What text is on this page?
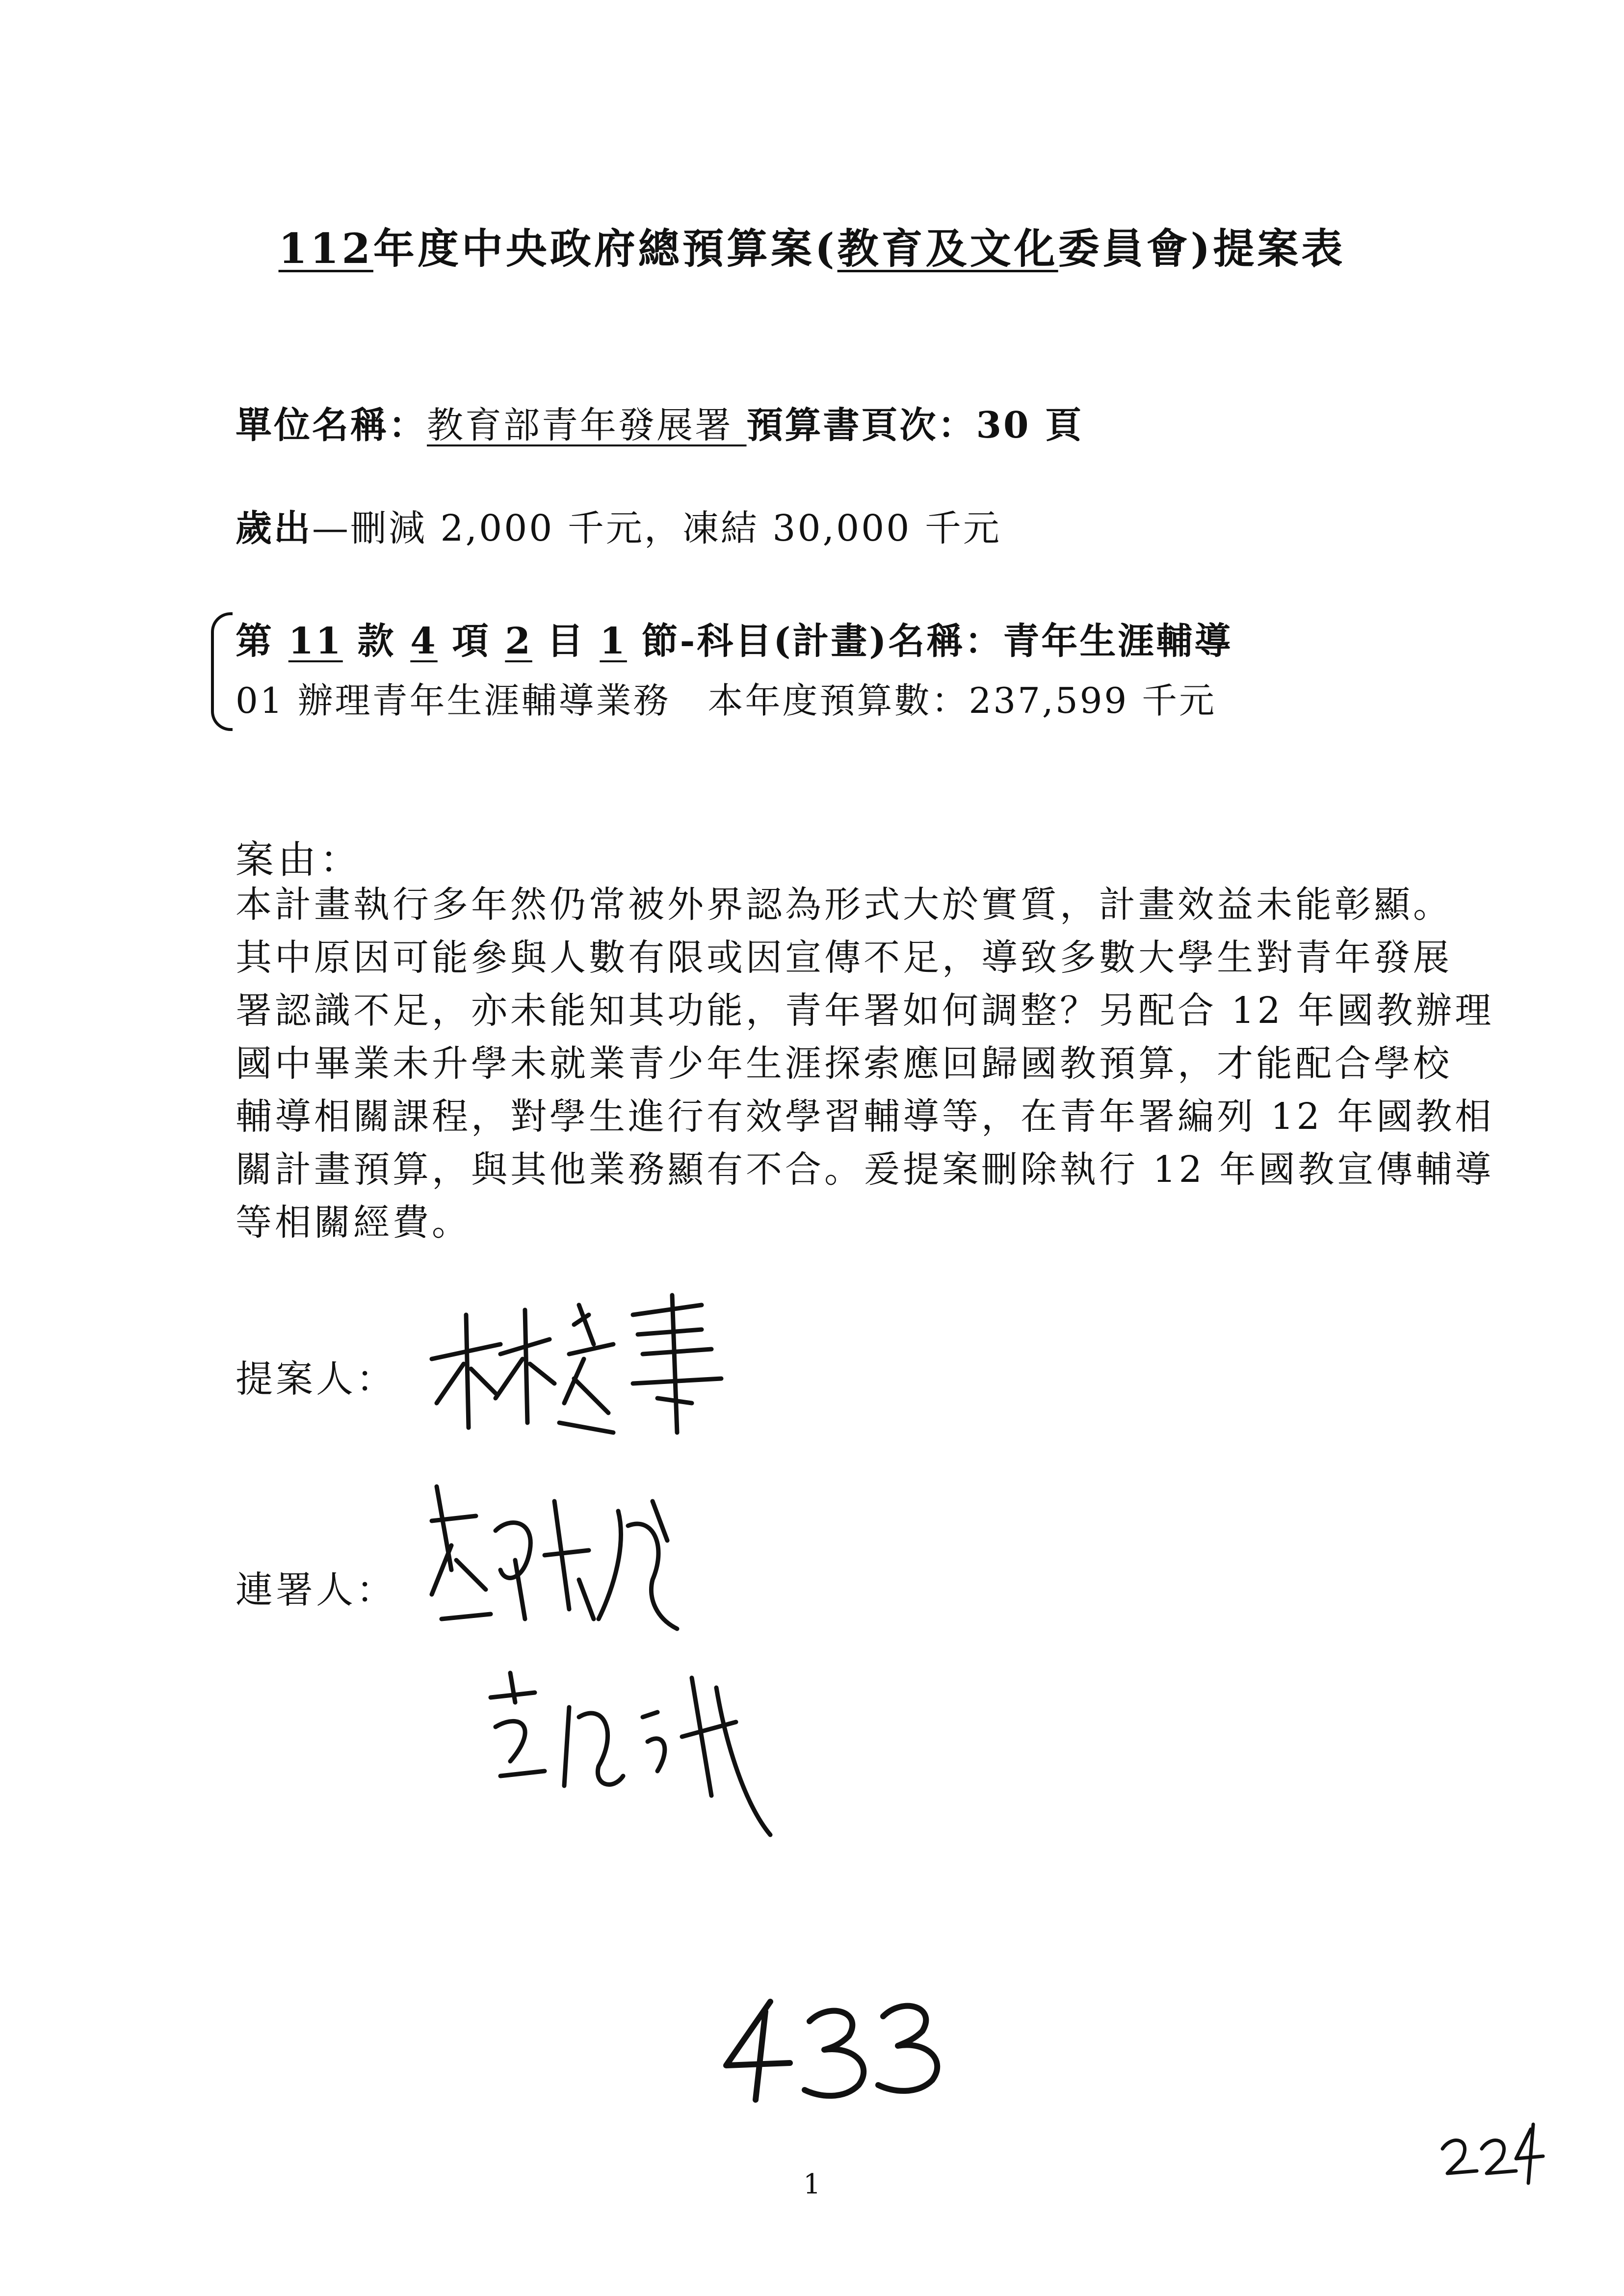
112年度中央政府總預算案(教育及文化委員會)提案表
單位名稱：教育部青年發展署 預算書頁次：30 頁
歲出—刪減 2,000 千元，凍結 30,000 千元
第 11 款 4 項 2 目 1 節-科目(計畫)名稱：青年生涯輔導
01 辦理青年生涯輔導業務　本年度預算數：237,599 千元
案由：
本計畫執行多年然仍常被外界認為形式大於實質，計畫效益未能彰顯。
其中原因可能參與人數有限或因宣傳不足，導致多數大學生對青年發展
署認識不足，亦未能知其功能，青年署如何調整？另配合 12 年國教辦理
國中畢業未升學未就業青少年生涯探索應回歸國教預算，才能配合學校
輔導相關課程，對學生進行有效學習輔導等，在青年署編列 12 年國教相
關計畫預算，與其他業務顯有不合。爰提案刪除執行 12 年國教宣傳輔導
等相關經費。
提案人：
連署人：
1
